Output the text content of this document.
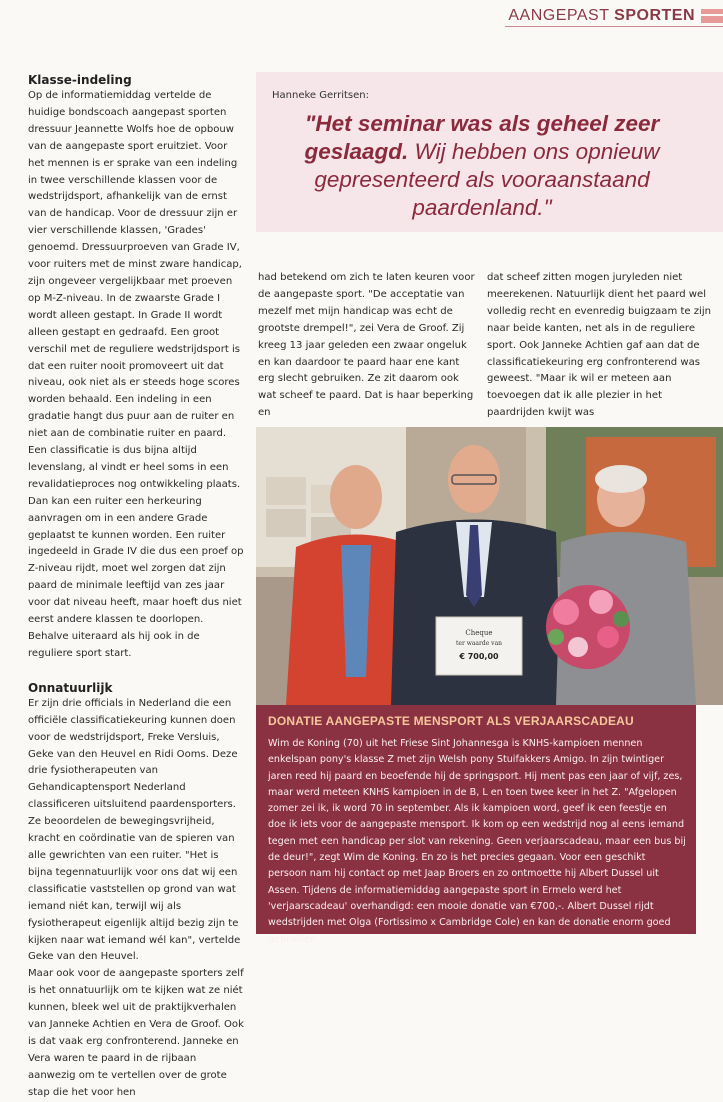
AANGEPAST SPORTEN
Klasse-indeling

Op de informatiemiddag vertelde de huidige bondscoach aangepast sporten dressuur Jeannette Wolfs hoe de opbouw van de aangepaste sport eruitziet. Voor het mennen is er sprake van een indeling in twee verschillende klassen voor de wedstrijdsport, afhankelijk van de ernst van de handicap. Voor de dressuur zijn er vier verschillende klassen, 'Grades' genoemd. Dressuurproeven van Grade IV, voor ruiters met de minst zware handicap, zijn ongeveer vergelijkbaar met proeven op M-Z-niveau. In de zwaarste Grade I wordt alleen gestapt. In Grade II wordt alleen gestapt en gedraafd. Een groot verschil met de reguliere wedstrijdsport is dat een ruiter nooit promoveert uit dat niveau, ook niet als er steeds hoge scores worden behaald. Een indeling in een gradatie hangt dus puur aan de ruiter en niet aan de combinatie ruiter en paard. Een classificatie is dus bijna altijd levenslang, al vindt er heel soms in een revalidatieproces nog ontwikkeling plaats. Dan kan een ruiter een herkeuring aanvragen om in een andere Grade geplaatst te kunnen worden. Een ruiter ingedeeld in Grade IV die dus een proef op Z-niveau rijdt, moet wel zorgen dat zijn paard de minimale leeftijd van zes jaar voor dat niveau heeft, maar hoeft dus niet eerst andere klassen te doorlopen. Behalve uiteraard als hij ook in de reguliere sport start.

Onnatuurlijk

Er zijn drie officials in Nederland die een officiële classificatiekeuring kunnen doen voor de wedstrijdsport, Freke Versluis, Geke van den Heuvel en Ridi Ooms. Deze drie fysiotherapeuten van Gehandicaptensport Nederland classificeren uitsluitend paardensporters. Ze beoordelen de bewegingsvrijheid, kracht en coördinatie van de spieren van alle gewrichten van een ruiter. "Het is bijna tegennatuurlijk voor ons dat wij een classificatie vaststellen op grond van wat iemand niét kan, terwijl wij als fysiotherapeut eigenlijk altijd bezig zijn te kijken naar wat iemand wél kan", vertelde Geke van den Heuvel.

Maar ook voor de aangepaste sporters zelf is het onnatuurlijk om te kijken wat ze niét kunnen, bleek wel uit de praktijkverhalen van Janneke Achtien en Vera de Groof. Ook is dat vaak erg confronterend. Janneke en Vera waren te paard in de rijbaan aanwezig om te vertellen over de grote stap die het voor hen

Hanneke Gerritsen:
"Het seminar was als geheel zeer geslaagd. Wij hebben ons opnieuw gepresenteerd als vooraanstaand paardenland."

had betekend om zich te laten keuren voor de aangepaste sport. "De acceptatie van mezelf met mijn handicap was echt de grootste drempel!", zei Vera de Groof. Zij kreeg 13 jaar geleden een zwaar ongeluk en kan daardoor te paard haar ene kant erg slecht gebruiken. Ze zit daarom ook wat scheef te paard. Dat is haar beperking en

dat scheef zitten mogen juryleden niet meerekenen. Natuurlijk dient het paard wel volledig recht en evenredig buigzaam te zijn naar beide kanten, net als in de reguliere sport. Ook Janneke Achtien gaf aan dat de classificatiekeuring erg confronterend was geweest. "Maar ik wil er meteen aan toevoegen dat ik alle plezier in het paardrijden kwijt was

Cheque
ter waarde van
€ 700,00
DONATIE AANGEPASTE MENSPORT ALS VERJAARSCADEAU

Wim de Koning (70) uit het Friese Sint Johannesga is KNHS-kampioen mennen enkelspan pony's klasse Z met zijn Welsh pony Stuifakkers Amigo. In zijn twintiger jaren reed hij paard en beoefende hij de springsport. Hij ment pas een jaar of vijf, zes, maar werd meteen KNHS kampioen in de B, L en toen twee keer in het Z. "Afgelopen zomer zei ik, ik word 70 in september. Als ik kampioen word, geef ik een feestje en doe ik iets voor de aangepaste mensport. Ik kom op een wedstrijd nog al eens iemand tegen met een handicap per slot van rekening. Geen verjaarscadeau, maar een bus bij de deur!", zegt Wim de Koning. En zo is het precies gegaan. Voor een geschikt persoon nam hij contact op met Jaap Broers en zo ontmoette hij Albert Dussel uit Assen. Tijdens de informatiemiddag aangepaste sport in Ermelo werd het 'verjaarscadeau' overhandigd: een mooie donatie van €700,-. Albert Dussel rijdt wedstrijden met Olga (Fortissimo x Cambridge Cole) en kan de donatie enorm goed gebruiken.
